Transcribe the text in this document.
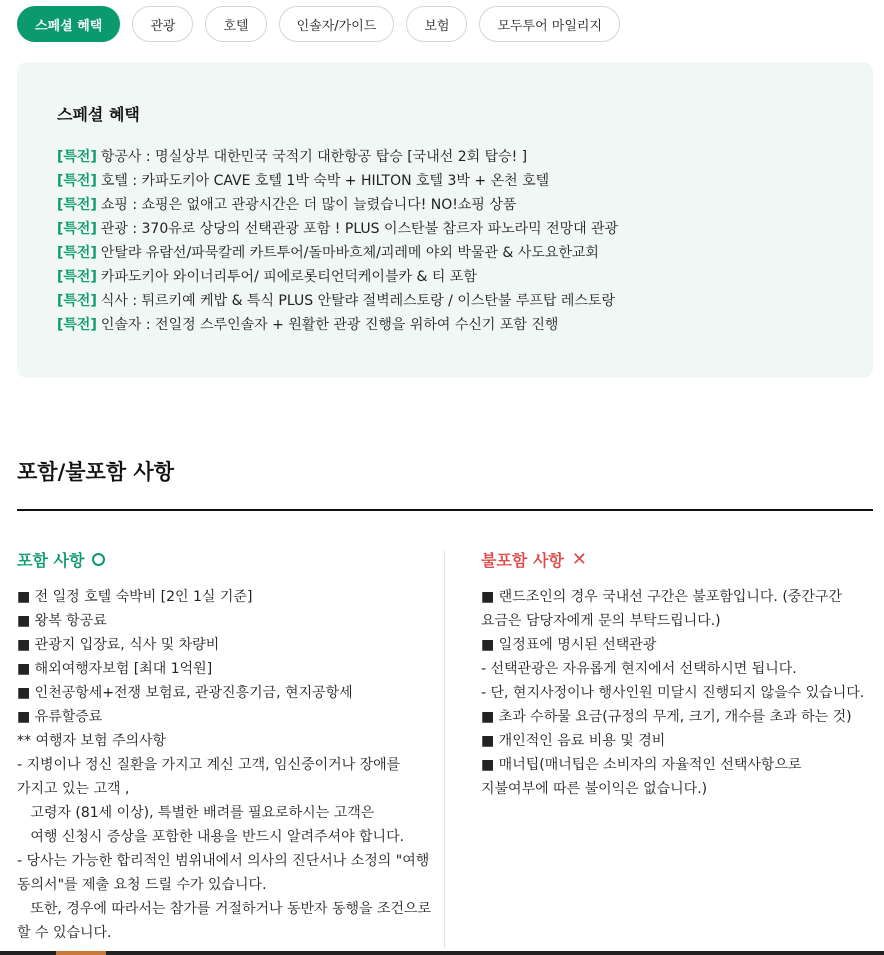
스페셜 혜택	관광	호텔	인솔자/가이드	보험	모두투어 마일리지
스페셜 혜택
[특전] 항공사 : 명실상부 대한민국 국적기 대한항공 탑승 [국내선 2회 탑승! ]
[특전] 호텔 : 카파도키아 CAVE 호텔 1박 숙박 + HILTON 호텔 3박 + 온천 호텔
[특전] 쇼핑 : 쇼핑은 없애고 관광시간은 더 많이 늘렸습니다! NO!쇼핑 상품
[특전] 관광 : 370유로 상당의 선택관광 포함 ! PLUS 이스탄불 참르자 파노라믹 전망대 관광
[특전] 안탈랴 유람선/파묵칼레 카트투어/돌마바흐체/괴레메 야외 박물관 & 사도요한교회
[특전] 카파도키아 와이너리투어/ 피에로롯티언덕케이블카 & 티 포함
[특전] 식사 : 튀르키예 케밥 & 특식 PLUS 안탈랴 절벽레스토랑 / 이스탄불 루프탑 레스토랑
[특전] 인솔자 : 전일정 스루인솔자 + 원활한 관광 진행을 위하여 수신기 포함 진행
포함/불포함 사항
포함 사항
■ 전 일정 호텔 숙박비 [2인 1실 기준]
■ 왕복 항공료
■ 관광지 입장료, 식사 및 차량비
■ 해외여행자보험 [최대 1억원]
■ 인천공항세+전쟁 보험료, 관광진흥기금, 현지공항세
■ 유류할증료
** 여행자 보험 주의사항
- 지병이나 정신 질환을 가지고 계신 고객, 임신중이거나 장애를
가지고 있는 고객 ,
고령자 (81세 이상), 특별한 배려를 필요로하시는 고객은
여행 신청시 증상을 포함한 내용을 반드시 알려주셔야 합니다.
- 당사는 가능한 합리적인 범위내에서 의사의 진단서나 소정의 "여행
동의서"를 제출 요청 드릴 수가 있습니다.
또한, 경우에 따라서는 참가를 거절하거나 동반자 동행을 조건으로
할 수 있습니다.
불포함 사항 ✕
■ 랜드조인의 경우 국내선 구간은 불포함입니다. (중간구간
요금은 담당자에게 문의 부탁드립니다.)
■ 일정표에 명시된 선택관광
- 선택관광은 자유롭게 현지에서 선택하시면 됩니다.
- 단, 현지사정이나 행사인원 미달시 진행되지 않을수 있습니다.
■ 초과 수하물 요금(규정의 무게, 크기, 개수를 초과 하는 것)
■ 개인적인 음료 비용 및 경비
■ 매너팁(매너팁은 소비자의 자율적인 선택사항으로
지불여부에 따른 불이익은 없습니다.)
